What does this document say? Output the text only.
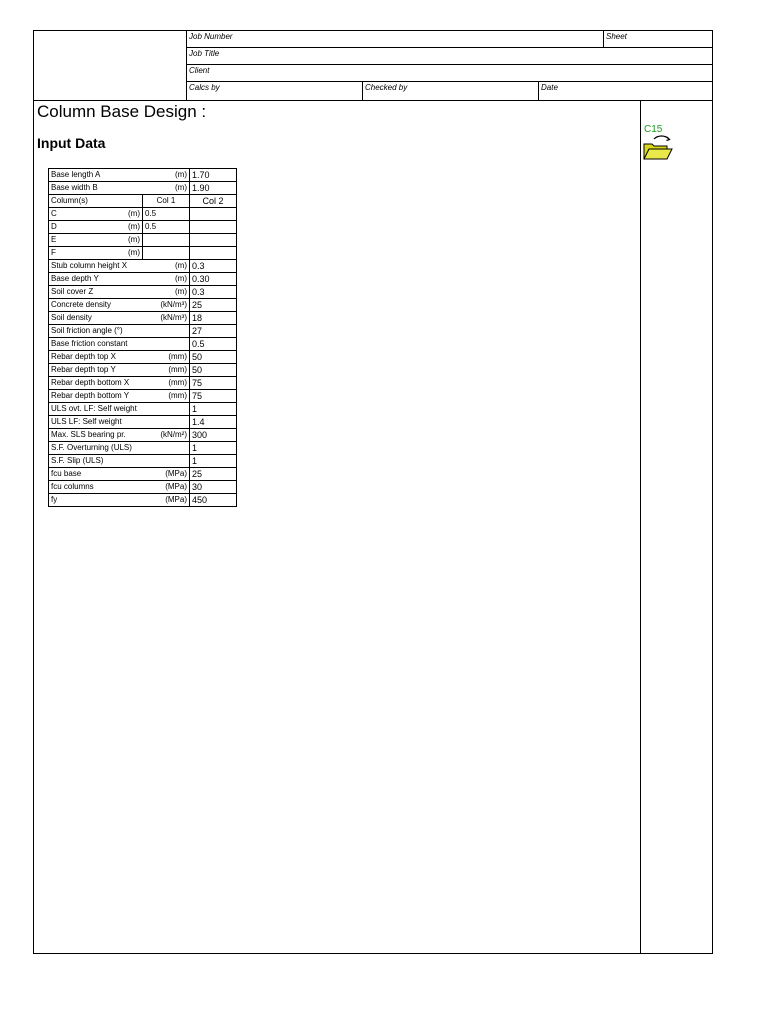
Job Number	Sheet
Job Title
Client
Calcs by	Checked by	Date
Column Base Design :
Input Data
C15
Base length A (m)		1.70

Base width B (m)		1.90
Column(s)	Col 1	Col 2

C (m)	0.5	

D (m)	0.5	

E (m)		

F (m)		

Stub column height X (m)		0.3

Base depth Y (m)		0.30

Soil cover Z (m)		0.3

Concrete density (kN/m³)		25

Soil density (kN/m³)		18

Soil friction angle (°)		27

Base friction constant		0.5

Rebar depth top X (mm)		50

Rebar depth top Y (mm)		50

Rebar depth bottom X (mm)		75

Rebar depth bottom Y (mm)		75

ULS ovt. LF: Self weight		1

ULS LF: Self weight		1.4

Max. SLS bearing pr. (kN/m²)		300

S.F. Overturning (ULS)		1

S.F. Slip (ULS)		1

fcu base (MPa)		25

fcu columns (MPa)		30

fy (MPa)		450
